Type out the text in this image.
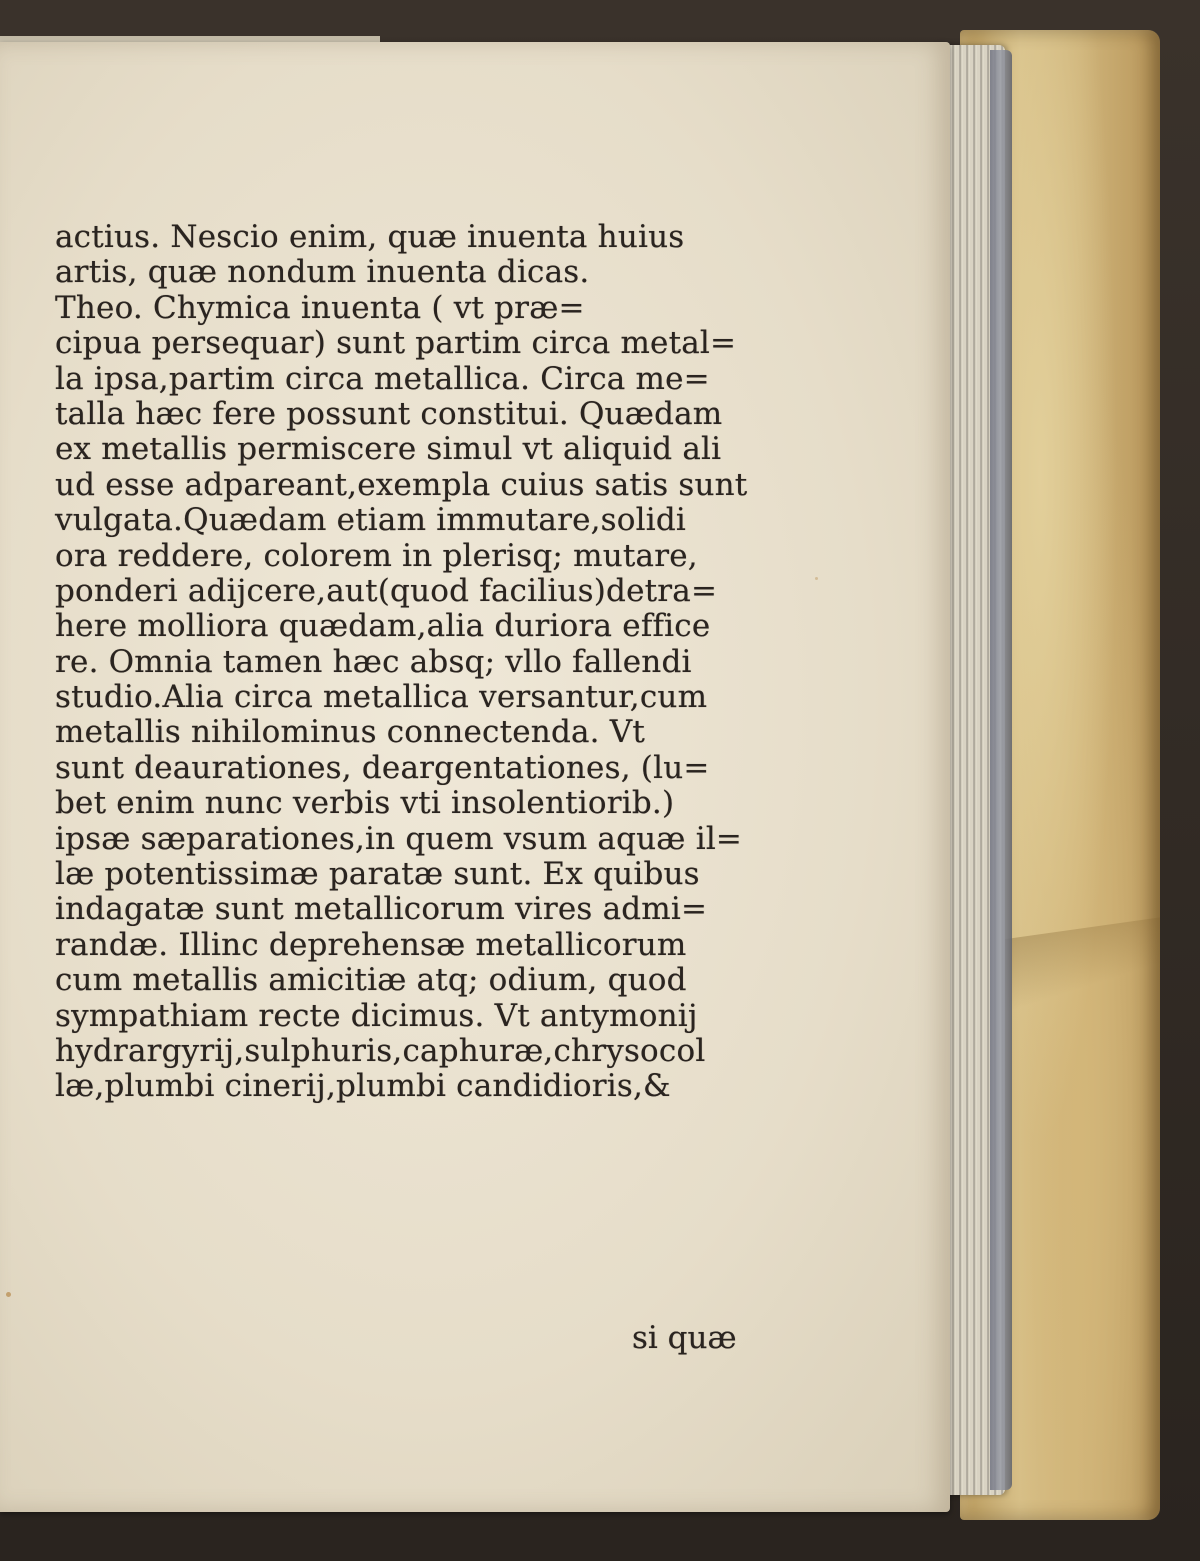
actius. Nescio enim, quæ inuenta huius
artis, quæ nondum inuenta dicas.
Theo. Chymica inuenta ( vt præ=
cipua persequar) sunt partim circa metal=
la ipsa,partim circa metallica. Circa me=
talla hæc fere possunt constitui. Quædam
ex metallis permiscere simul vt aliquid ali
ud esse adpareant,exempla cuius satis sunt
vulgata.Quædam etiam immutare,solidi
ora reddere, colorem in plerisq; mutare,
ponderi adijcere,aut(quod facilius)detra=
here molliora quædam,alia duriora effice
re. Omnia tamen hæc absq; vllo fallendi
studio.Alia circa metallica versantur,cum
metallis nihilominus connectenda. Vt
sunt deaurationes, deargentationes, (lu=
bet enim nunc verbis vti insolentiorib.)
ipsæ sæparationes,in quem vsum aquæ il=
læ potentissimæ paratæ sunt. Ex quibus
indagatæ sunt metallicorum vires admi=
randæ. Illinc deprehensæ metallicorum
cum metallis amicitiæ atq; odium, quod
sympathiam recte dicimus. Vt antymonij
hydrargyrij,sulphuris,caphuræ,chrysocol
læ,plumbi cinerij,plumbi candidioris,&
si quæ
